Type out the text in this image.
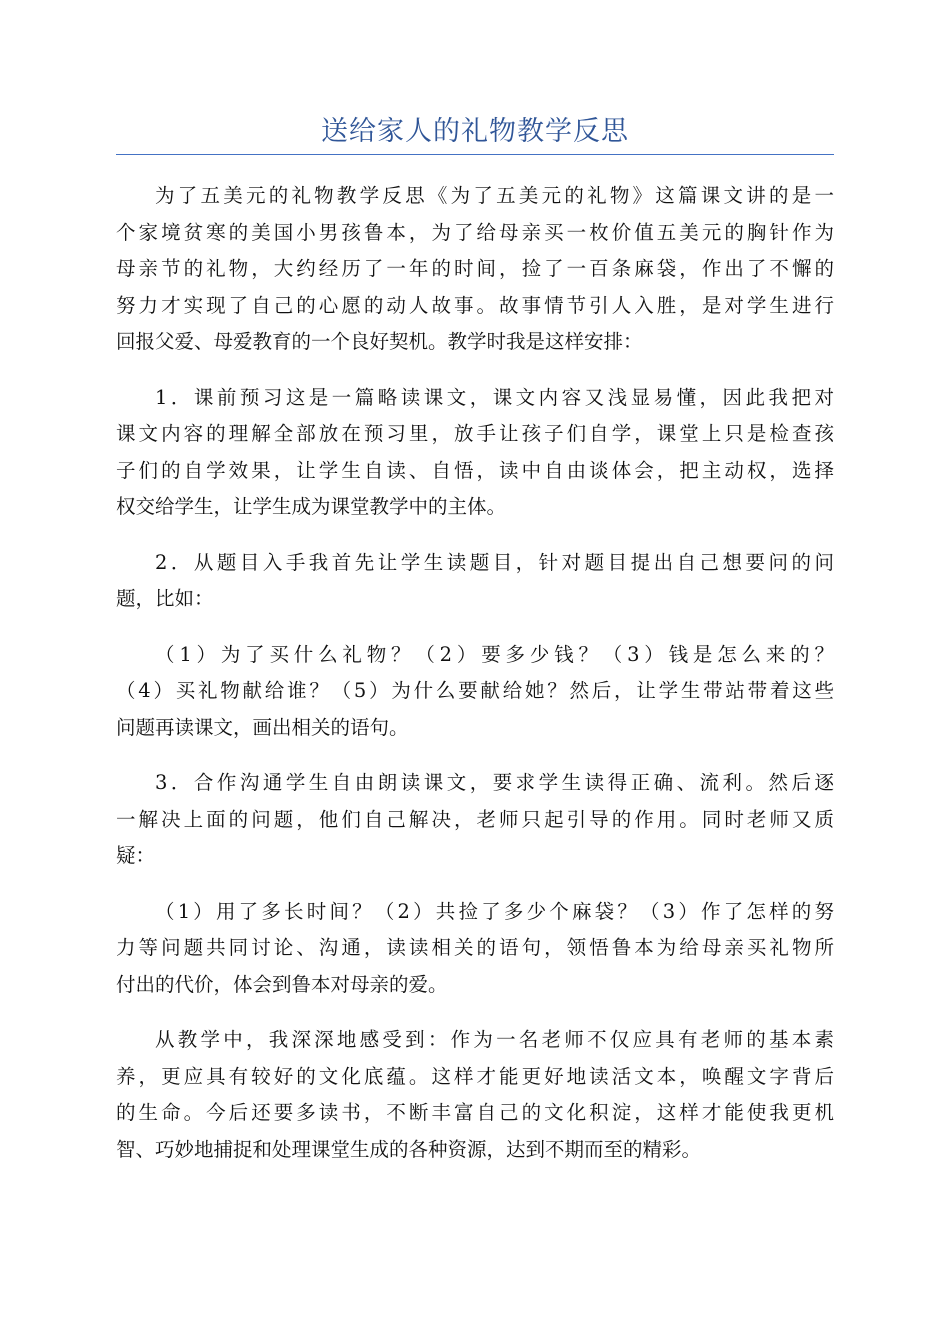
送给家人的礼物教学反思
为了五美元的礼物教学反思《为了五美元的礼物》这篇课文讲的是一
个家境贫寒的美国小男孩鲁本，为了给母亲买一枚价值五美元的胸针作为
母亲节的礼物，大约经历了一年的时间，捡了一百条麻袋，作出了不懈的
努力才实现了自己的心愿的动人故事。故事情节引人入胜，是对学生进行
回报父爱、母爱教育的一个良好契机。教学时我是这样安排：
1．课前预习这是一篇略读课文，课文内容又浅显易懂，因此我把对
课文内容的理解全部放在预习里，放手让孩子们自学，课堂上只是检查孩
子们的自学效果，让学生自读、自悟，读中自由谈体会，把主动权，选择
权交给学生，让学生成为课堂教学中的主体。
2．从题目入手我首先让学生读题目，针对题目提出自己想要问的问
题，比如：
（1）为了买什么礼物？（2）要多少钱？（3）钱是怎么来的？
（4）买礼物献给谁？（5）为什么要献给她？然后，让学生带站带着这些
问题再读课文，画出相关的语句。
3．合作沟通学生自由朗读课文，要求学生读得正确、流利。然后逐
一解决上面的问题，他们自己解决，老师只起引导的作用。同时老师又质
疑：
（1）用了多长时间？（2）共捡了多少个麻袋？（3）作了怎样的努
力等问题共同讨论、沟通，读读相关的语句，领悟鲁本为给母亲买礼物所
付出的代价，体会到鲁本对母亲的爱。
从教学中，我深深地感受到：作为一名老师不仅应具有老师的基本素
养，更应具有较好的文化底蕴。这样才能更好地读活文本，唤醒文字背后
的生命。今后还要多读书，不断丰富自己的文化积淀，这样才能使我更机
智、巧妙地捕捉和处理课堂生成的各种资源，达到不期而至的精彩。
